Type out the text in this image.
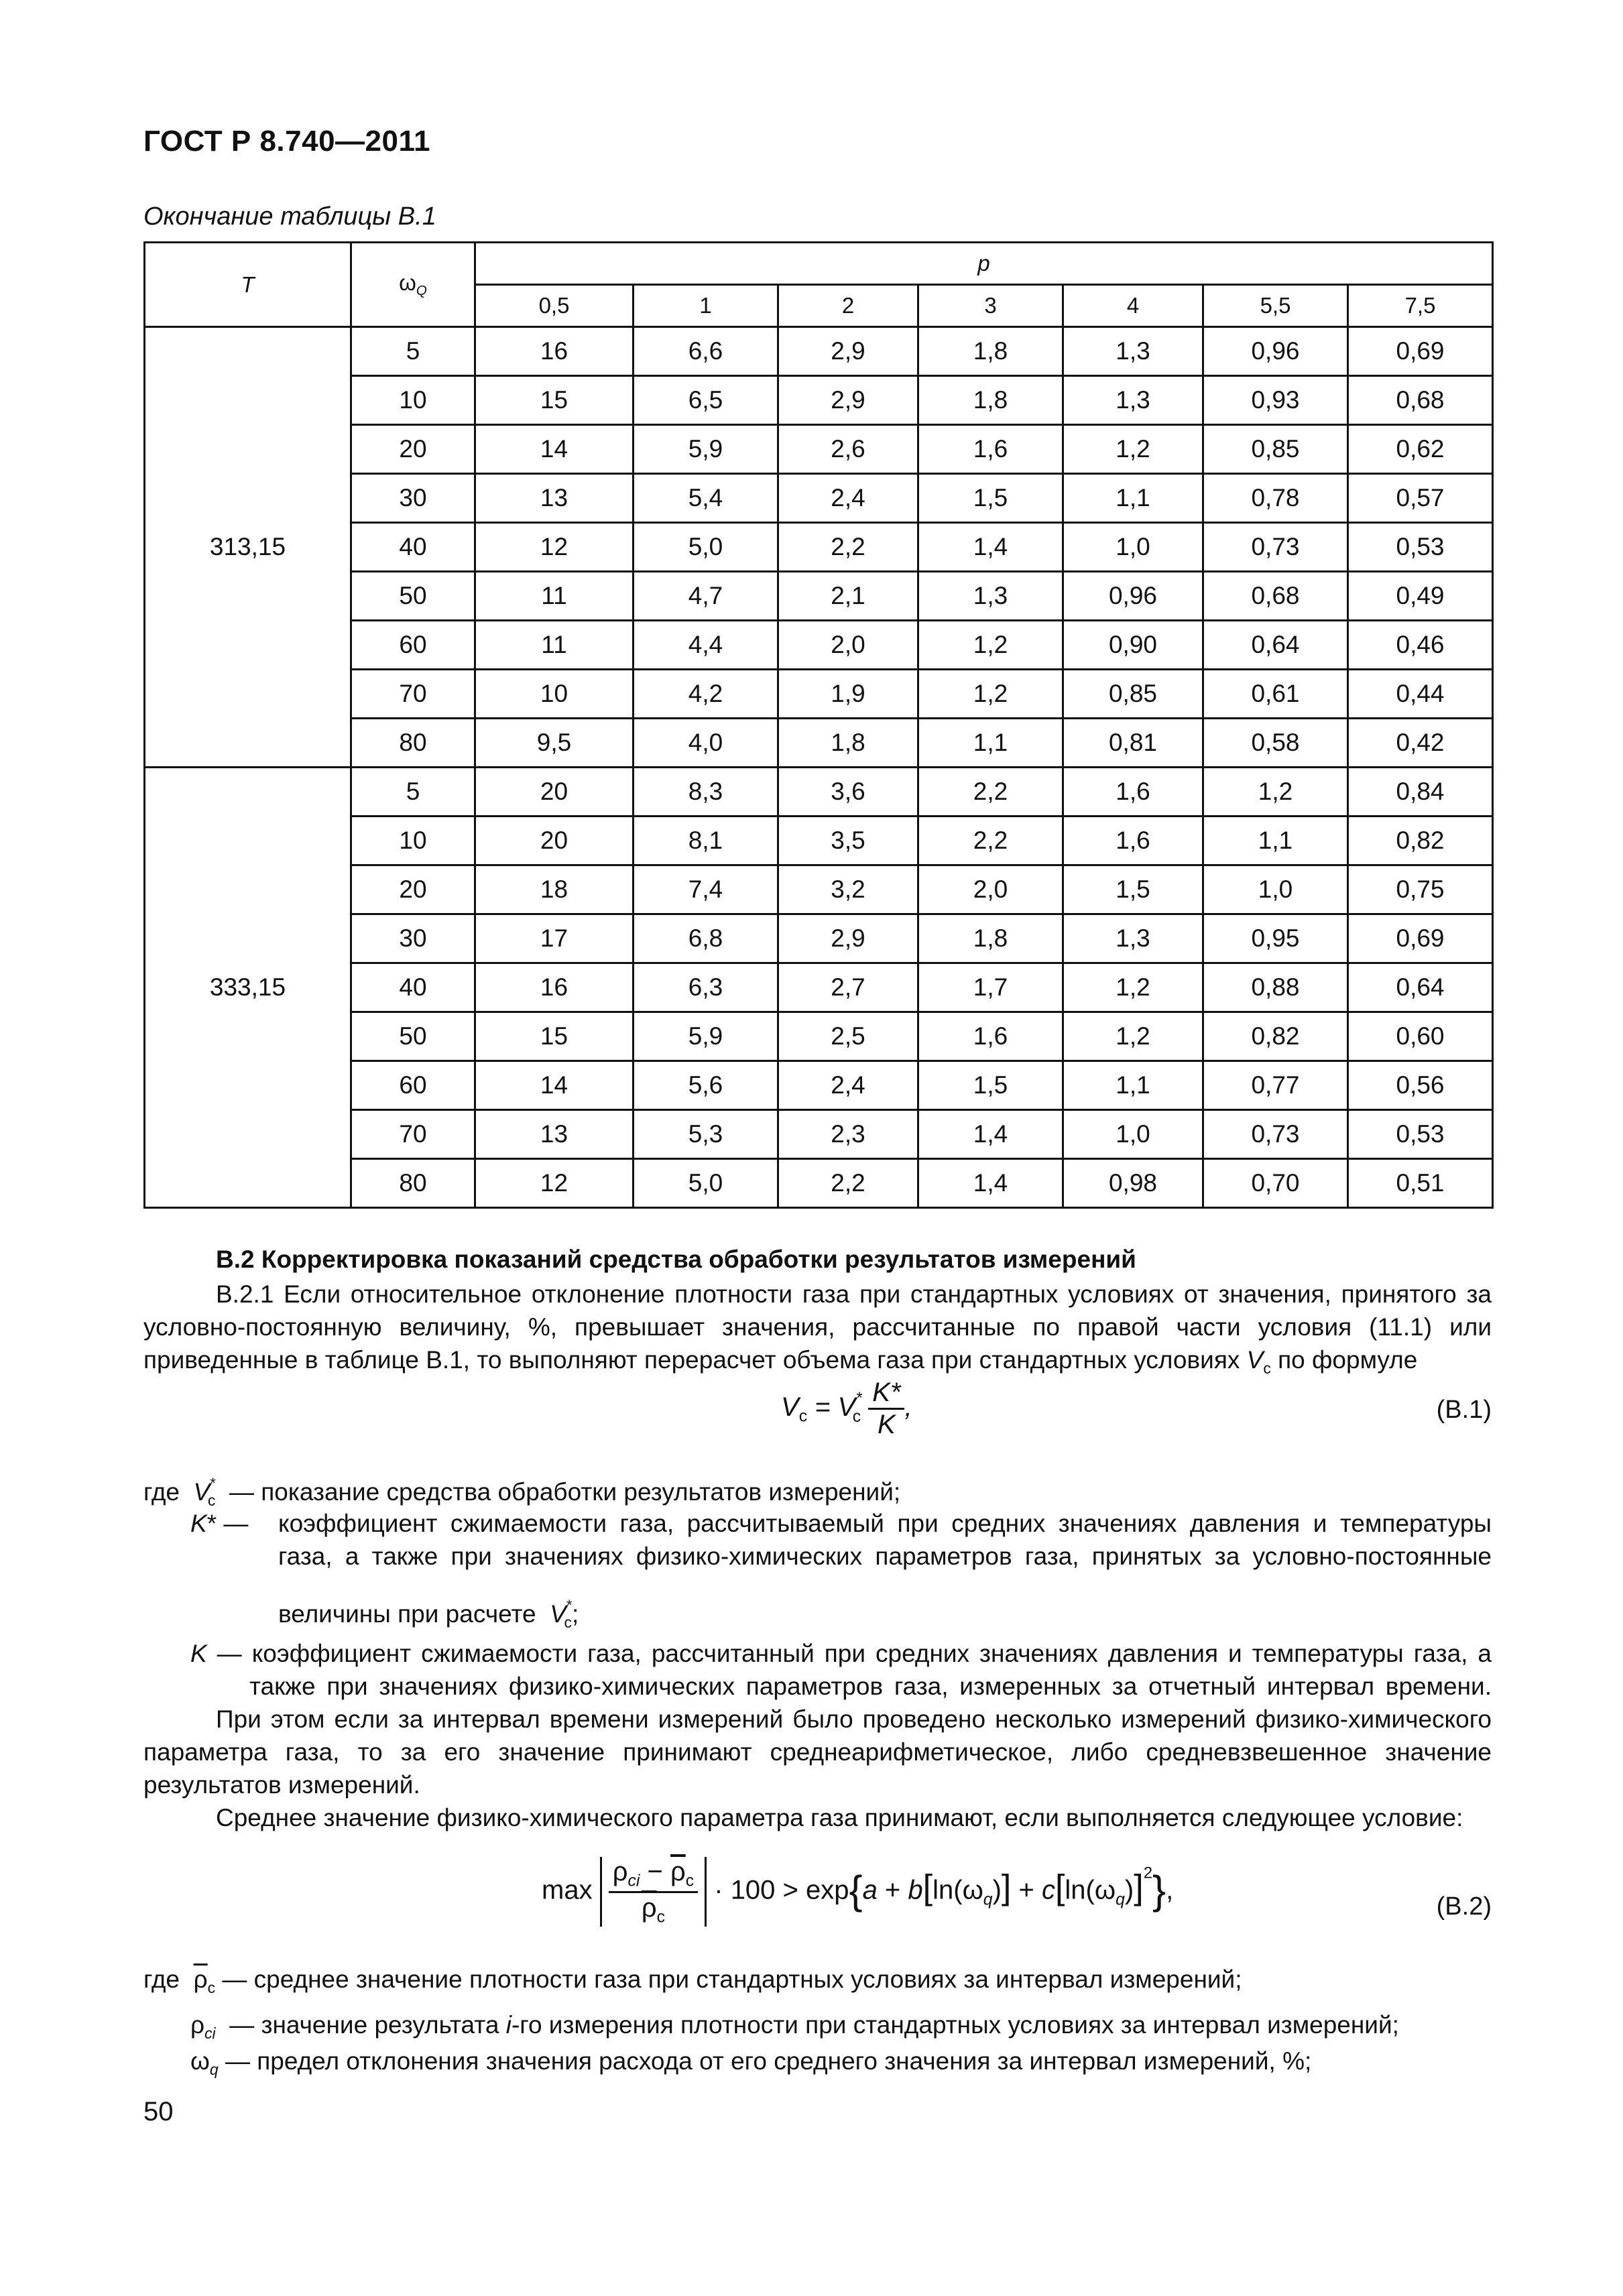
ГОСТ Р 8.740—2011
Окончание таблицы В.1
T	$\omega_Q$	p						
		0,5	1	2	3	4	5,5	7,5
313,15	5	16	6,6	2,9	1,8	1,3	0,96	0,69
	10	15	6,5	2,9	1,8	1,3	0,93	0,68
	20	14	5,9	2,6	1,6	1,2	0,85	0,62
	30	13	5,4	2,4	1,5	1,1	0,78	0,57
	40	12	5,0	2,2	1,4	1,0	0,73	0,53
	50	11	4,7	2,1	1,3	0,96	0,68	0,49
	60	11	4,4	2,0	1,2	0,90	0,64	0,46
	70	10	4,2	1,9	1,2	0,85	0,61	0,44
	80	9,5	4,0	1,8	1,1	0,81	0,58	0,42
333,15	5	20	8,3	3,6	2,2	1,6	1,2	0,84
	10	20	8,1	3,5	2,2	1,6	1,1	0,82
	20	18	7,4	3,2	2,0	1,5	1,0	0,75
	30	17	6,8	2,9	1,8	1,3	0,95	0,69
	40	16	6,3	2,7	1,7	1,2	0,88	0,64
	50	15	5,9	2,5	1,6	1,2	0,82	0,60
	60	14	5,6	2,4	1,5	1,1	0,77	0,56
	70	13	5,3	2,3	1,4	1,0	0,73	0,53
	80	12	5,0	2,2	1,4	0,98	0,70	0,51
В.2 Корректировка показаний средства обработки результатов измерений
В.2.1 Если относительное отклонение плотности газа при стандартных условиях от значения, принятого за условно-постоянную величину, %, превышает значения, рассчитанные по правой части условия (11.1) или приведенные в таблице В.1, то выполняют перерасчет объема газа при стандартных условиях $V_c$ по формуле
$V_c = V^*_c \frac{K*}{K}$ ,	(В.1)
где $V^*_c$ — показание средства обработки результатов измерений;
K* — коэффициент сжимаемости газа, рассчитываемый при средних значениях давления и температуры
газа, а также при значениях физико-химических параметров газа, принятых за условно-постоянные
величины при расчете $V^*_c$;
K — коэффициент сжимаемости газа, рассчитанный при средних значениях давления и температуры газа, а
также при значениях физико-химических параметров газа, измеренных за отчетный интервал времени.
При этом если за интервал времени измерений было проведено несколько измерений физико-химического параметра газа, то за его значение принимают среднеарифметическое, либо средневзвешенное значение результатов измерений.
Среднее значение физико-химического параметра газа принимают, если выполняется следующее условие:
$\max \frac{\rho_{ci} - \overline{\rho}_c}{\overline{\rho}_c} \cdot 100 > \exp\{a + b[\ln(\omega_q)] + c[\ln(\omega_q)]^2\}$,
(В.2)
где $\overline{\rho}_c$ — среднее значение плотности газа при стандартных условиях за интервал измерений;
$\rho_{ci}$ — значение результата i-го измерения плотности при стандартных условиях за интервал измерений;
$\omega_q$ — предел отклонения значения расхода от его среднего значения за интервал измерений, %;
50
